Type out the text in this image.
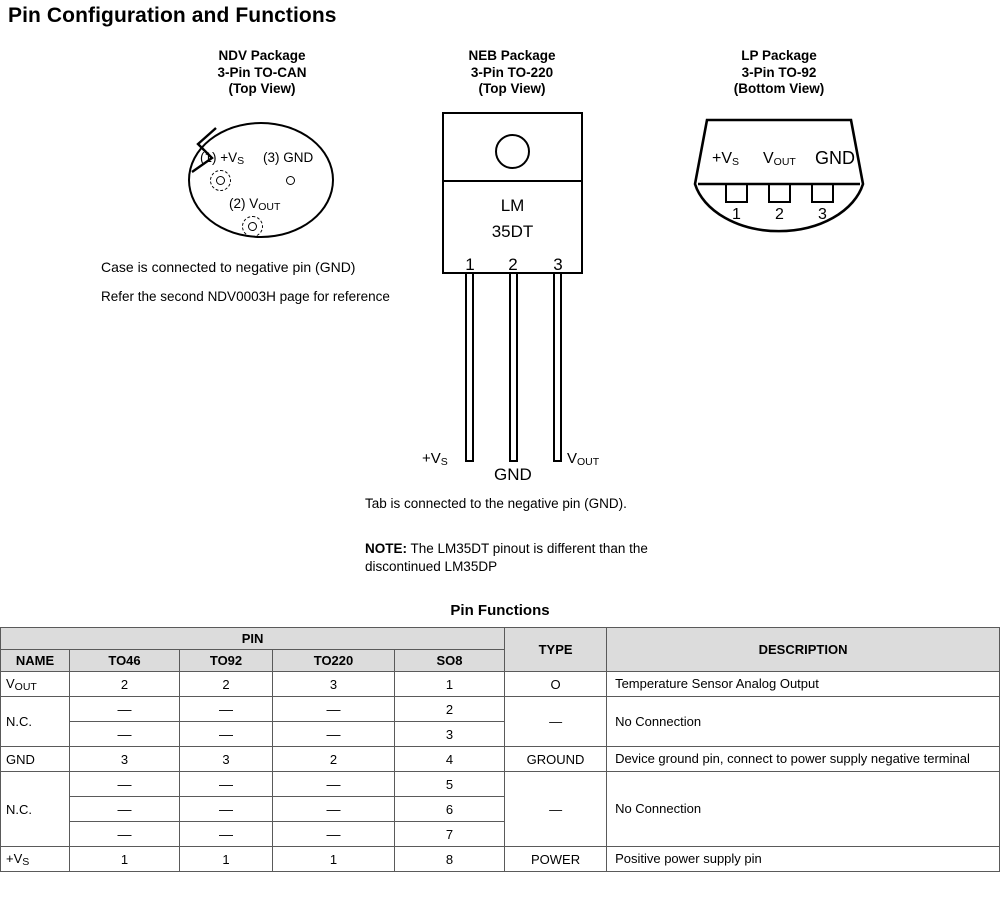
Pin Configuration and Functions
NDV Package
3-Pin TO-CAN
(Top View)
(1) +VS (3) GND
(2) VOUT
Case is connected to negative pin (GND)
Refer the second NDV0003H page for reference
NEB Package
3-Pin TO-220
(Top View)
LM
35DT
1	2	3
+VS
GND
VOUT
Tab is connected to the negative pin (GND).
NOTE: The LM35DT pinout is different than the discontinued LM35DP
LP Package
3-Pin TO-92
(Bottom View)
+VS VOUT GND
1	2	3
Pin Functions
PIN					TYPE	DESCRIPTION
NAME	TO46	TO92	TO220	SO8		
VOUT	2	2	3	1	O	Temperature Sensor Analog Output
N.C.	—	—	—	2	—	No Connection
	—	—	—	3		
GND	3	3	2	4	GROUND	Device ground pin, connect to power supply negative terminal
N.C.	—	—	—	5	—	No Connection
	—	—	—	6		
	—	—	—	7		
+VS	1	1	1	8	POWER	Positive power supply pin
